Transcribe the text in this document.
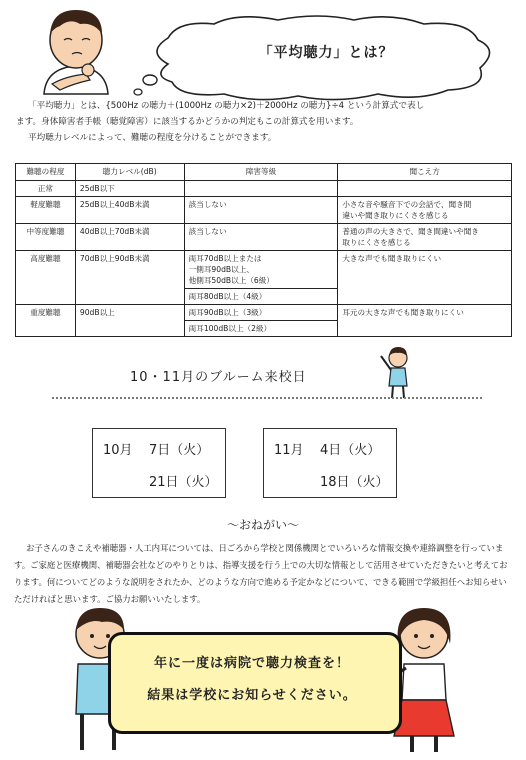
「平均聴力」とは？

「平均聴力」とは、{500Hz の聴力＋(1000Hz の聴力×2)＋2000Hz の聴力}÷4 という計算式で表し

ます。身体障害者手帳（聴覚障害）に該当するかどうかの判定もこの計算式を用います。

平均聴力レベルによって、難聴の程度を分けることができます。

難聴の程度	聴力レベル(dB)	障害等級	聞こえ方
正常	25dB以下		
軽度難聴	25dB以上40dB未満	該当しない	小さな音や騒音下での会話で、聞き間
違いや聞き取りにくさを感じる

中等度難聴	40dB以上70dB未満	該当しない	普通の声の大きさで、聞き間違いや聞き
取りにくさを感じる

高度難聴	70dB以上90dB未満	両耳70dB以上または
一側耳90dB以上、
他側耳50dB以上（6級）	大きな声でも聞き取りにくい
		両耳80dB以上（4級）	
重度難聴	90dB以上	両耳90dB以上（3級）	耳元の大きな声でも聞き取りにくい
		両耳100dB以上（2級）	
10・11月のブルーム来校日
10月 7日（火）
21日（火）
11月 4日（火）
18日（火）
～おねがい～

お子さんのきこえや補聴器・人工内耳については、日ごろから学校と関係機関とでいろいろな情報交換や連絡調整を行っています。ご家庭と医療機関、補聴器会社などのやりとりは、指導支援を行う上での大切な情報として活用させていただきたいと考えております。何についてどのような説明をされたか、どのような方向で進める予定かなどについて、できる範囲で学級担任へお知らせいただければと思います。ご協力お願いいたします。

年に一度は病院で聴力検査を！
結果は学校にお知らせください。
